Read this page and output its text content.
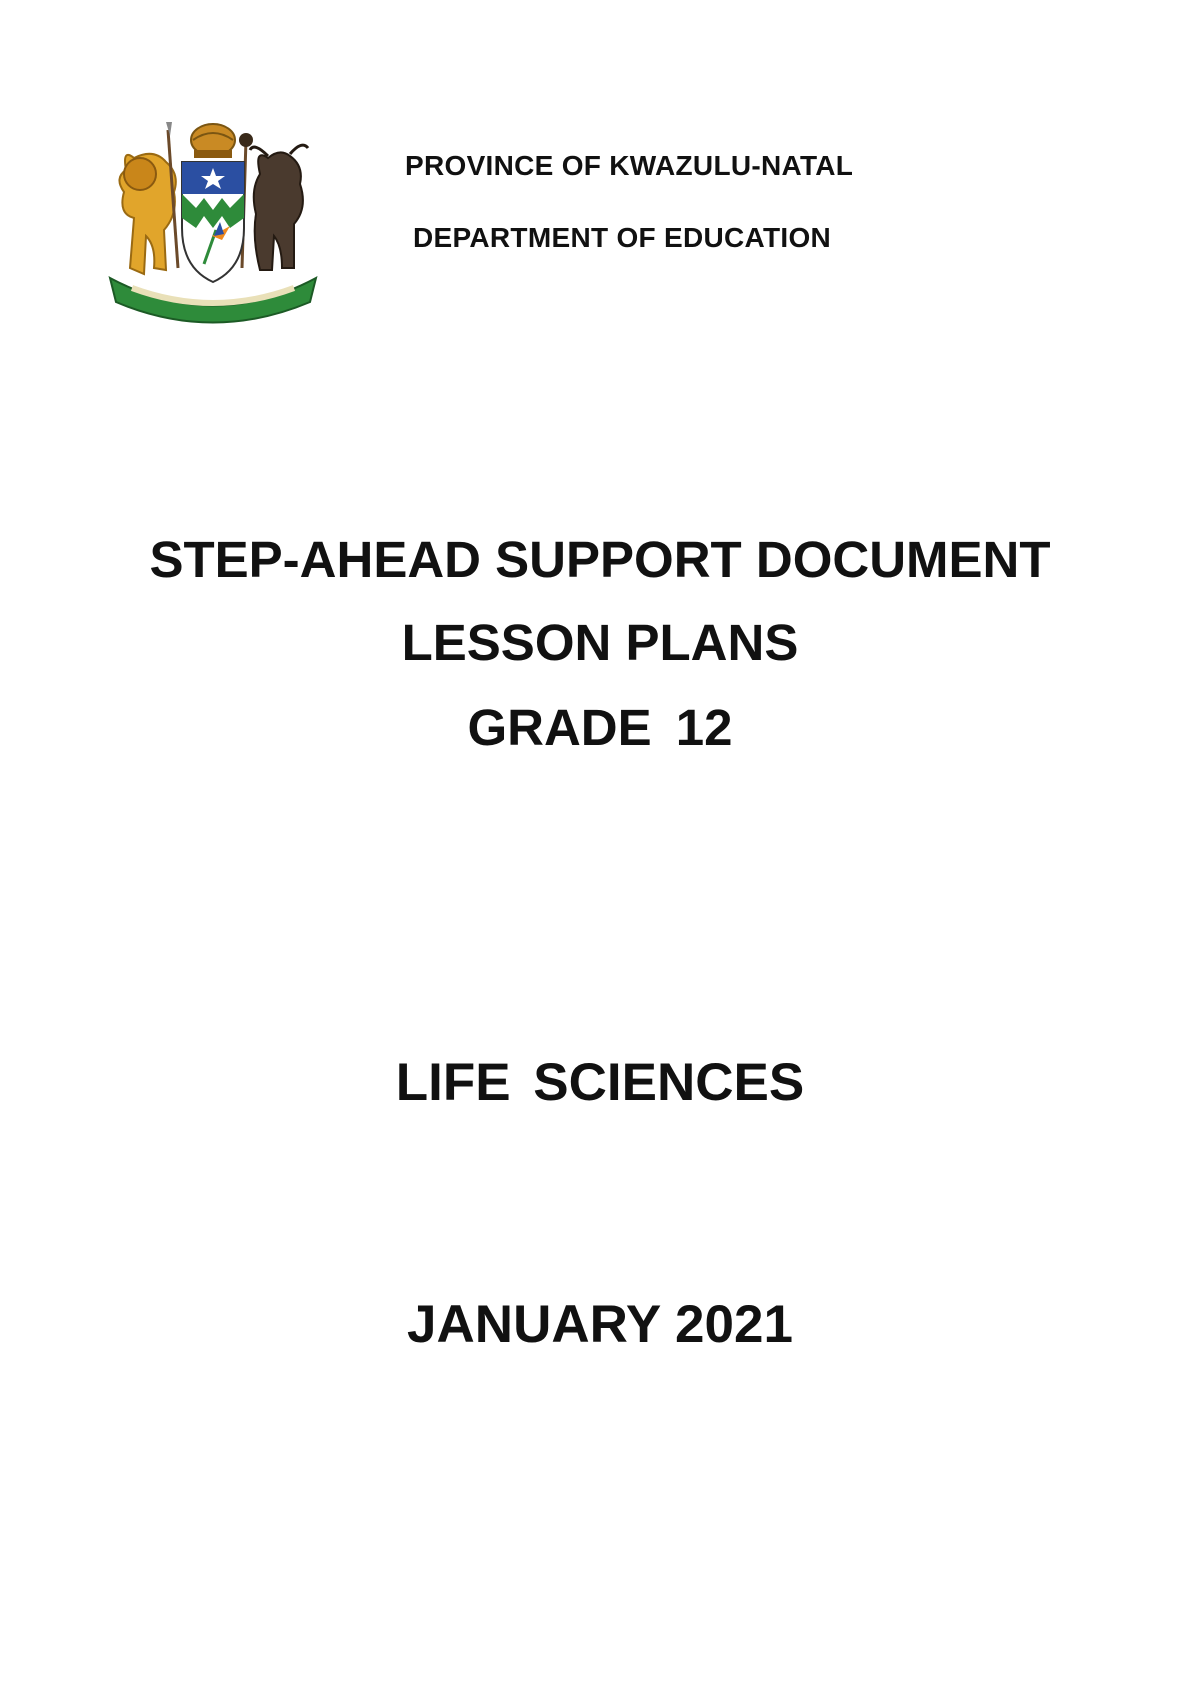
PROVINCE OF KWAZULU-NATAL
DEPARTMENT OF EDUCATION
STEP-AHEAD SUPPORT DOCUMENT
LESSON PLANS
GRADE 12
LIFE SCIENCES
JANUARY 2021
